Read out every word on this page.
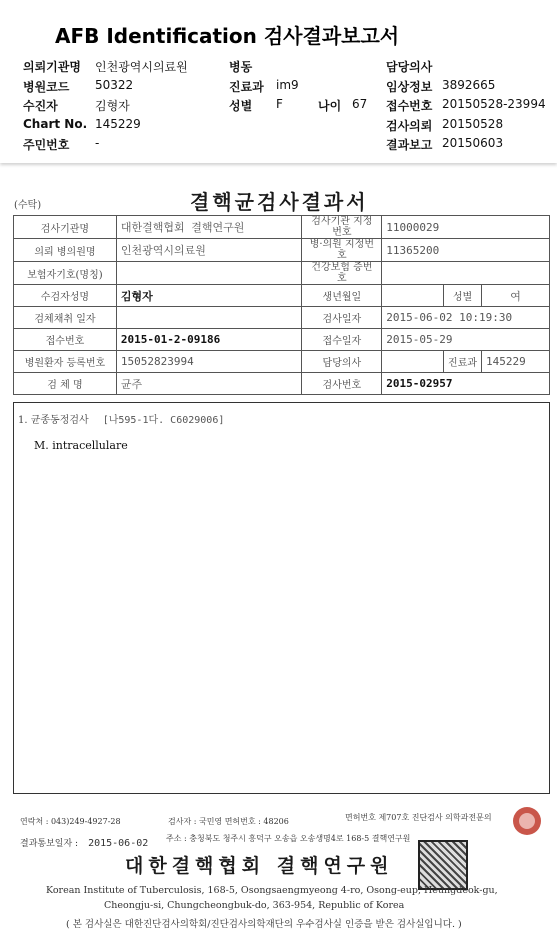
AFB Identification 검사결과보고서
의뢰기관명 인천광역시의료원	병동	담당의사
병원코드 50322	진료과 im9	임상정보 3892665
수진자	김형자	성별 F	나이 67 접수번호 20150528-23994
Chart No. 145229	검사의뢰 20150528
주민번호 -	결과보고 20150603
(수탁)	결핵균검사결과서
검사기관명	대한결핵협회 결핵연구원	검사기관 지정번호	11000029		
의뢰 병의원명	인천광역시의료원	병·의원 지정번호	11365200		
보험자기호(명칭)		건강보험 증번호			
수검자성명	김형자	생년월일		성별	여
검체채취 일자		검사일자	2015-06-02 10:19:30		
접수번호	2015-01-2-09186	접수일자	2015-05-29		
병원환자 등록번호	15052823994	담당의사		진료과	145229
검 체 명	균주	검사번호	2015-02957		
1. 균종동정검사 [나595-1다. C6029006]
M. intracellulare
연락처 : 043)249-4927-28	검사자 : 국민영 면허번호 : 48206	면허번호 제707호 진단검사 의학과전문의
결과통보일자 : 2015-06-02 주소 : 충청북도 청주시 흥덕구 오송읍 오송생명4로 168-5 결핵연구원
대한결핵협회 결핵연구원
Korean Institute of Tuberculosis, 168-5, Osongsaengmyeong 4-ro, Osong-eup, Heungdeok-gu,
Cheongju-si, Chungcheongbuk-do, 363-954, Republic of Korea
( 본 검사실은 대한진단검사의학회/진단검사의학재단의 우수검사실 인증을 받은 검사실입니다. )
